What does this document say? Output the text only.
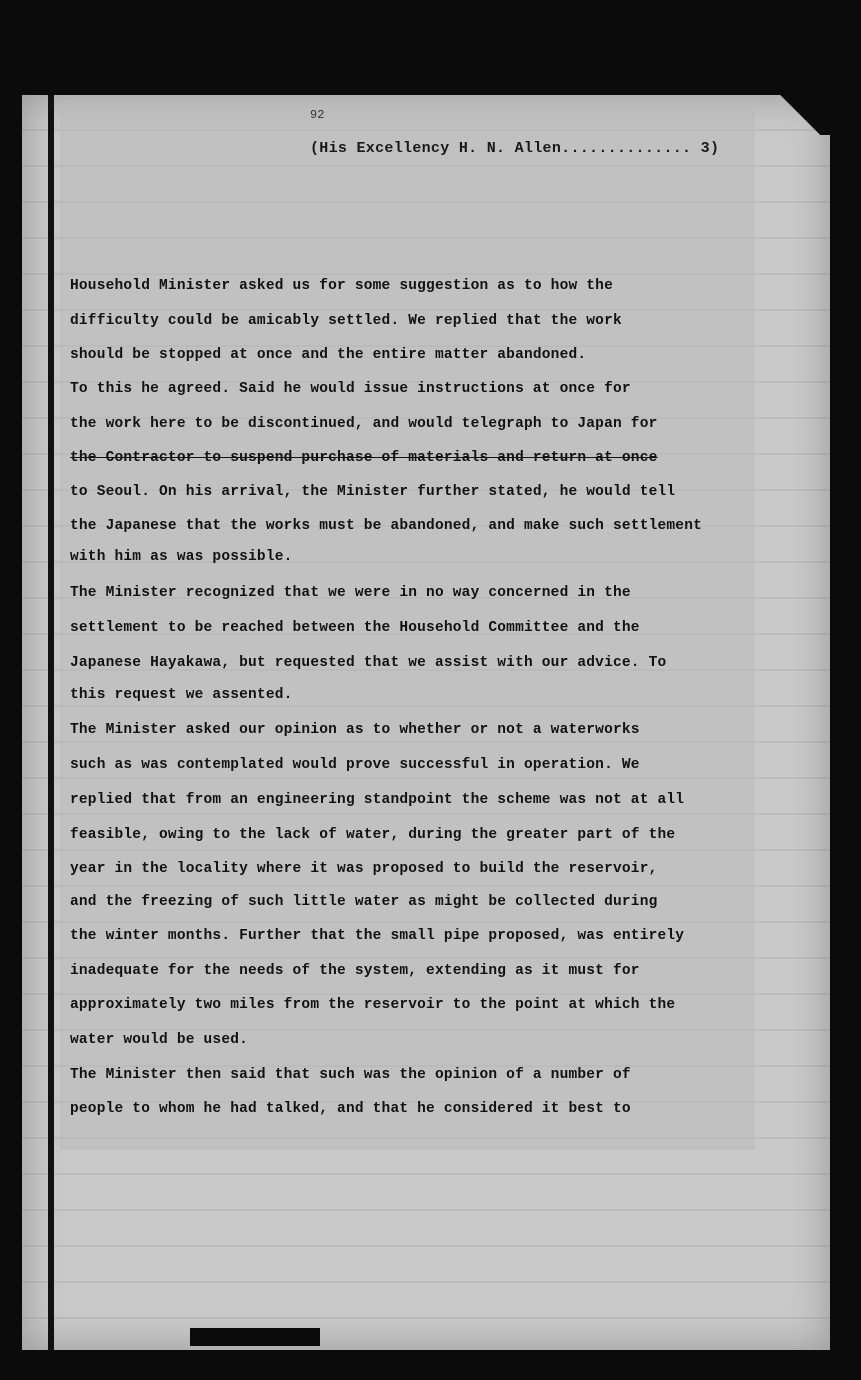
92
(His Excellency H. N. Allen.............. 3)
Household Minister asked us for some suggestion as to how the
difficulty could be amicably settled. We replied that the work
should be stopped at once and the entire matter abandoned.
To this he agreed. Said he would issue instructions at once for
the work here to be discontinued, and would telegraph to Japan for
the Contractor to suspend purchase of materials and return at once
to Seoul. On his arrival, the Minister further stated, he would tell
the Japanese that the works must be abandoned, and make such settlement
with him as was possible.
The Minister recognized that we were in no way concerned in the
settlement to be reached between the Household Committee and the
Japanese Hayakawa, but requested that we assist with our advice. To
this request we assented.
The Minister asked our opinion as to whether or not a waterworks
such as was contemplated would prove successful in operation. We
replied that from an engineering standpoint the scheme was not at all
feasible, owing to the lack of water, during the greater part of the
year in the locality where it was proposed to build the reservoir,
and the freezing of such little water as might be collected during
the winter months. Further that the small pipe proposed, was entirely
inadequate for the needs of the system, extending as it must for
approximately two miles from the reservoir to the point at which the
water would be used.
The Minister then said that such was the opinion of a number of
people to whom he had talked, and that he considered it best to
